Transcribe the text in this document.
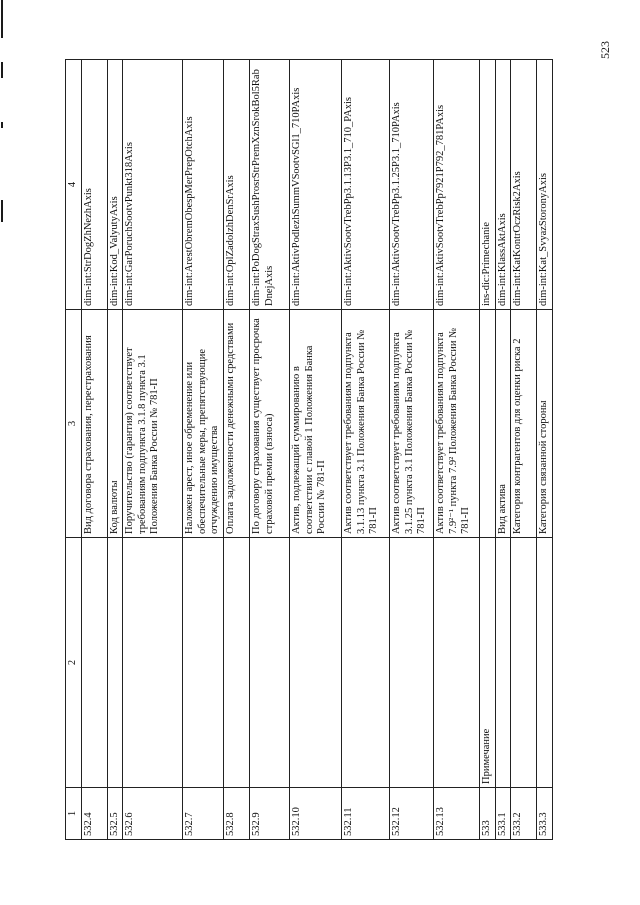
1	2	3	4
532.4		Вид договора страхования, перестрахования	dim-int:StrDogZhNezhAxis
532.5		Код валюты	dim-int:Kod_ValyutyAxis
532.6		Поручительство (гарантия) соответствует требованиям подпункта 3.1.8 пункта 3.1 Положения Банка России № 781-П	dim-int:GarPoruchSootvPunkt318Axis
532.7		Наложен арест, иное обременение или обеспечительные меры, препятствующие отчуждению имущества	dim-int:ArestObremObespMerPrepOtchAxis
532.8		Оплата задолженности денежными средствами	dim-int:OplZadolzhDenSrAxis
532.9		По договору страхования существует просрочка страховой премии (взноса)	dim-int:PoDogStraxSushProsrStrPremXznSrokBol5RabDnejAxis
532.10		Актив, подлежащий суммированию в соответствии с главой 1 Положения Банка России № 781-П	dim-int:AktivPodlezhSummVSootvSGl1_710PAxis
532.11		Актив соответствует требованиям подпункта 3.1.13 пункта 3.1 Положения Банка России № 781-П	dim-int:AktivSootvTrebPp3.1.13P3.1_710_PAxis
532.12		Актив соответствует требованиям подпункта 3.1.25 пункта 3.1 Положения Банка России № 781-П	dim-int:AktivSootvTrebPp3.1.25P3.1_710PAxis
532.13		Актив соответствует требованиям подпункта 7.9²⁻¹ пункта 7.9² Положения Банка России № 781-П	dim-int:AktivSootvTrebPp7921P792_781PAxis
533	Примечание		ins-dic:Primechanie
533.1		Вид актива	dim-int:KlassAktAxis
533.2		Категория контрагентов для оценки риска 2	dim-int:KatKontrOczRisk2Axis
533.3		Категория связанной стороны	dim-int:Kat_SvyazStoronyAxis
523
